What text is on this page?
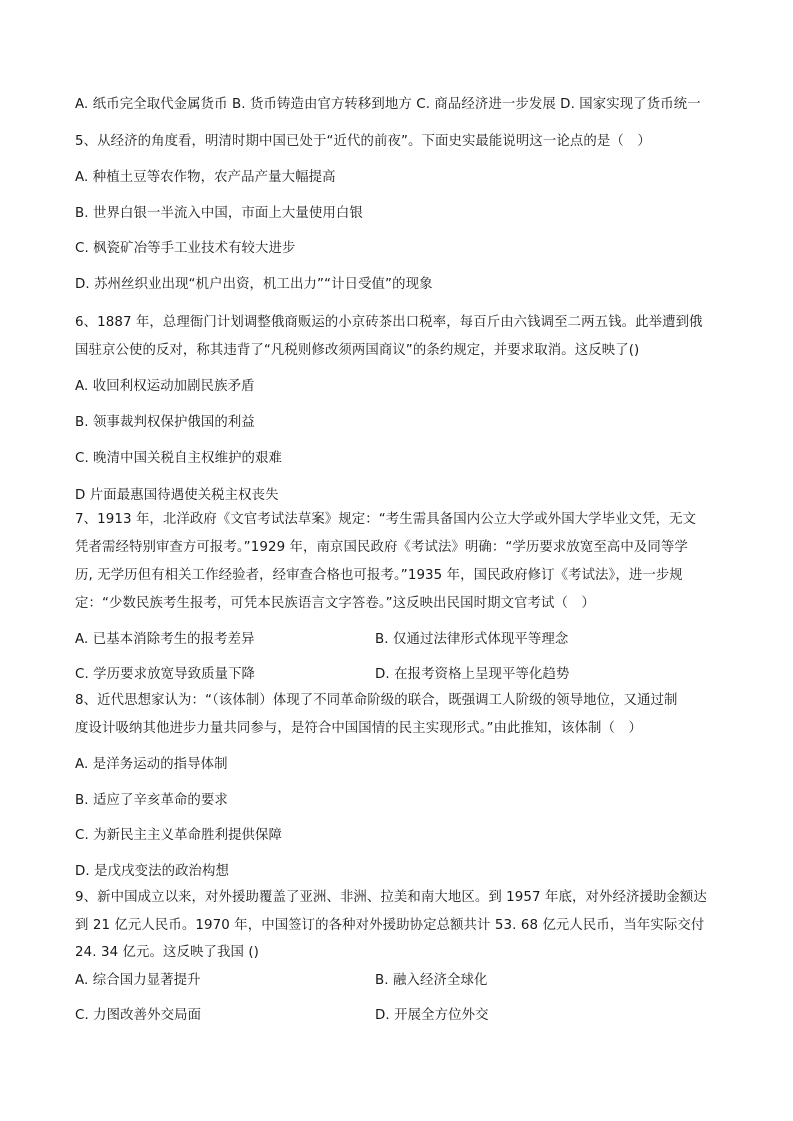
A. 纸币完全取代金属货币 B. 货币铸造由官方转移到地方 C. 商品经济进一步发展 D. 国家实现了货币统一
5、从经济的角度看，明清时期中国已处于“近代的前夜”。下面史实最能说明这一论点的是（　）
A. 种植土豆等农作物，农产品产量大幅提高
B. 世界白银一半流入中国，市面上大量使用白银
C. 枫瓷矿冶等手工业技术有较大进步
D. 苏州丝织业出现“机户出资，机工出力”“计日受值”的现象
6、1887 年，总理衙门计划调整俄商贩运的小京砖茶出口税率，每百斤由六钱调至二两五钱。此举遭到俄
国驻京公使的反对，称其违背了“凡税则修改须两国商议”的条约规定，并要求取消。这反映了()
A. 收回利权运动加剧民族矛盾
B. 领事裁判权保护俄国的利益
C. 晚清中国关税自主权维护的艰难
D 片面最惠国待遇使关税主权丧失
7、1913 年，北洋政府《文官考试法草案》规定：“考生需具备国内公立大学或外国大学毕业文凭，无文
凭者需经特别审查方可报考。”1929 年，南京国民政府《考试法》明确：“学历要求放宽至高中及同等学
历, 无学历但有相关工作经验者，经审查合格也可报考。”1935 年，国民政府修订《考试法》，进一步规
定：“少数民族考生报考，可凭本民族语言文字答卷。”这反映出民国时期文官考试（　）
A. 已基本消除考生的报考差异	B. 仅通过法律形式体现平等理念
C. 学历要求放宽导致质量下降	D. 在报考资格上呈现平等化趋势
8、近代思想家认为：“（该体制）体现了不同革命阶级的联合，既强调工人阶级的领导地位，又通过制
度设计吸纳其他进步力量共同参与，是符合中国国情的民主实现形式。”由此推知，该体制（　）
A. 是洋务运动的指导体制
B. 适应了辛亥革命的要求
C. 为新民主主义革命胜利提供保障
D. 是戊戌变法的政治构想
9、新中国成立以来，对外援助覆盖了亚洲、非洲、拉美和南大地区。到 1957 年底，对外经济援助金额达
到 21 亿元人民币。1970 年，中国签订的各种对外援助协定总额共计 53. 68 亿元人民币，当年实际交付
24. 34 亿元。这反映了我国 ()
A. 综合国力显著提升	B. 融入经济全球化
C. 力图改善外交局面	D. 开展全方位外交
